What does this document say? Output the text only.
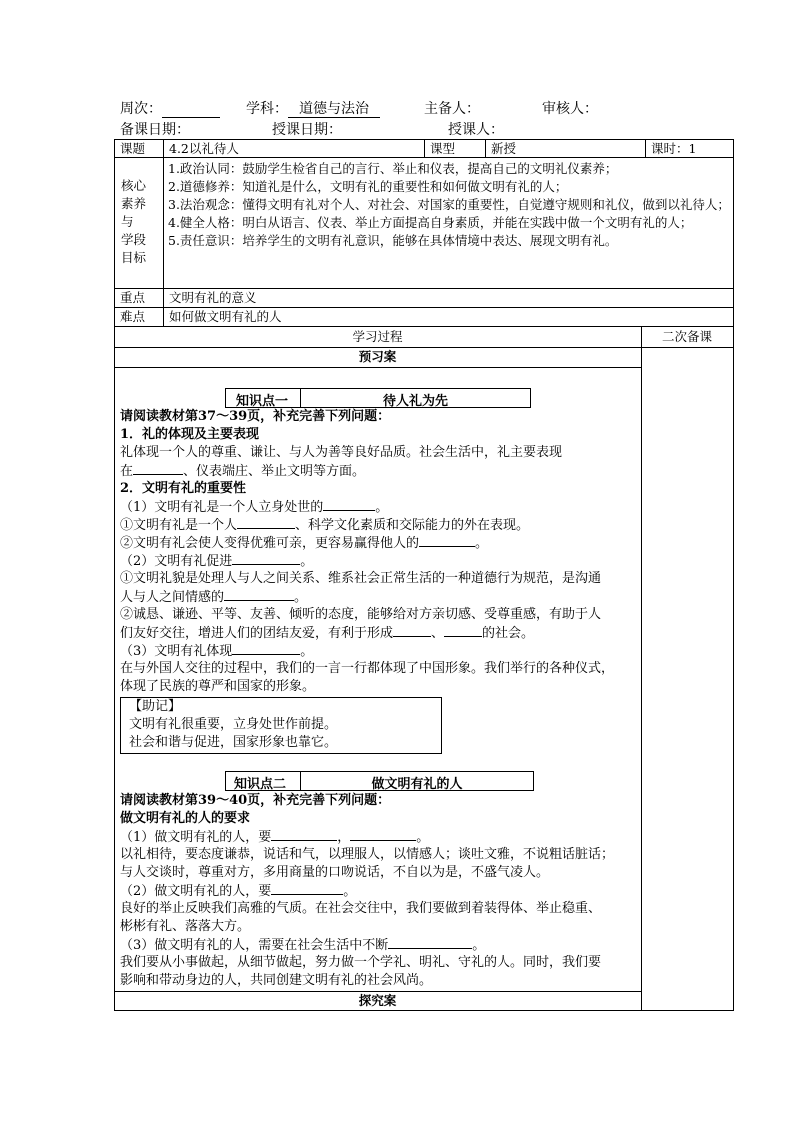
周次：	学科： 道德与法治	主备人：	审核人：
备课日期：	授课日期：	授课人：
课题 4.2以礼待人	课型	新授	课时：1
核心
素养
与
学段
目标
1.政治认同：鼓励学生检省自己的言行、举止和仪表，提高自己的文明礼仪素养；
2.道德修养：知道礼是什么，文明有礼的重要性和如何做文明有礼的人；
3.法治观念：懂得文明有礼对个人、对社会、对国家的重要性，自觉遵守规则和礼仪，做到以礼待人；
4.健全人格：明白从语言、仪表、举止方面提高自身素质，并能在实践中做一个文明有礼的人；
5.责任意识：培养学生的文明有礼意识，能够在具体情境中表达、展现文明有礼。
重点 文明有礼的意义
难点 如何做文明有礼的人
学习过程	二次备课
预习案
探究案
知识点一	待人礼为先
请阅读教材第37～39页，补充完善下列问题：
1．礼的体现及主要表现
礼体现一个人的尊重、谦让、与人为善等良好品质。社会生活中，礼主要表现
在	、仪表端庄、举止文明等方面。
2．文明有礼的重要性
（1）文明有礼是一个人立身处世的	。
①文明有礼是一个人	、科学文化素质和交际能力的外在表现。
②文明有礼会使人变得优雅可亲，更容易赢得他人的	。
（2）文明有礼促进	。
①文明礼貌是处理人与人之间关系、维系社会正常生活的一种道德行为规范，是沟通
人与人之间情感的	。
②诚恳、谦逊、平等、友善、倾听的态度，能够给对方亲切感、受尊重感，有助于人
们友好交往，增进人们的团结友爱，有利于形成	、	的社会。
（3）文明有礼体现	。
在与外国人交往的过程中，我们的一言一行都体现了中国形象。我们举行的各种仪式，
体现了民族的尊严和国家的形象。
【助记】
文明有礼很重要，立身处世作前提。
社会和谐与促进，国家形象也靠它。
知识点二	做文明有礼的人
请阅读教材第39～40页，补充完善下列问题：
做文明有礼的人的要求
（1）做文明有礼的人，要	，	。
以礼相待，要态度谦恭，说话和气，以理服人，以情感人；谈吐文雅，不说粗话脏话；
与人交谈时，尊重对方，多用商量的口吻说话，不自以为是，不盛气凌人。
（2）做文明有礼的人，要	。
良好的举止反映我们高雅的气质。在社会交往中，我们要做到着装得体、举止稳重、
彬彬有礼、落落大方。
（3）做文明有礼的人，需要在社会生活中不断	。
我们要从小事做起，从细节做起，努力做一个学礼、明礼、守礼的人。同时，我们要
影响和带动身边的人，共同创建文明有礼的社会风尚。
